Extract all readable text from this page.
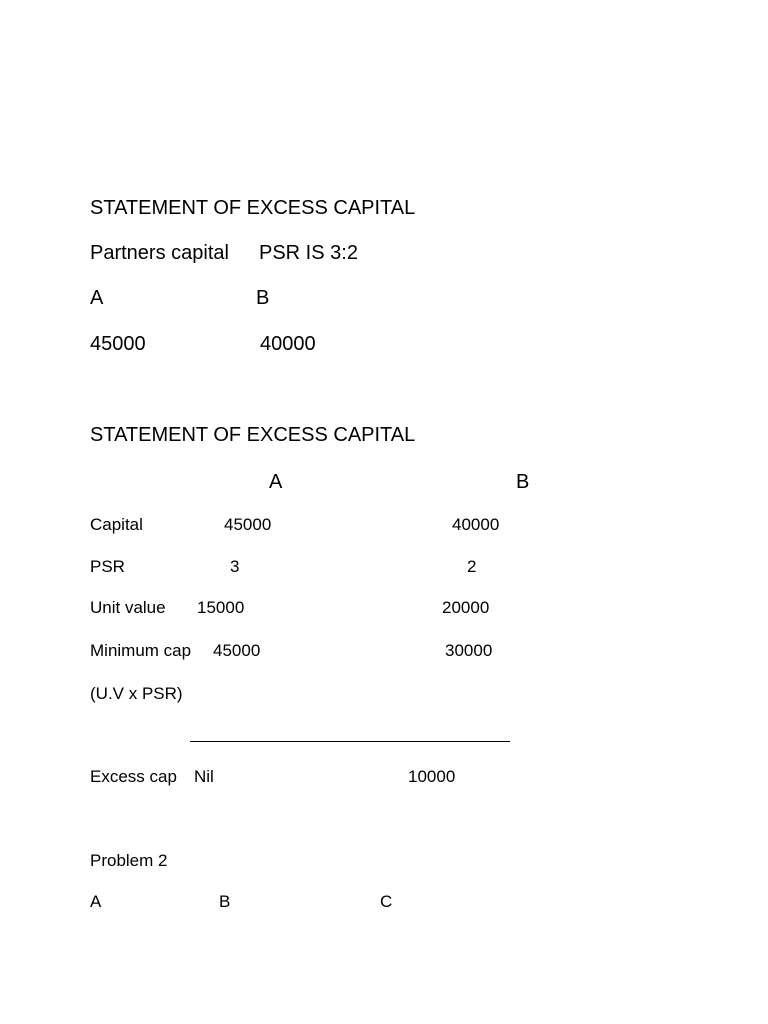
STATEMENT OF EXCESS CAPITAL
Partners capital PSR IS 3:2
A	B
45000	40000
STATEMENT OF EXCESS CAPITAL
A	B
Capital	45000	40000
PSR	3	2
Unit value 15000	20000
Minimum cap 45000	30000
(U.V x PSR)
Excess cap Nil	10000
Problem 2
A	B	C
